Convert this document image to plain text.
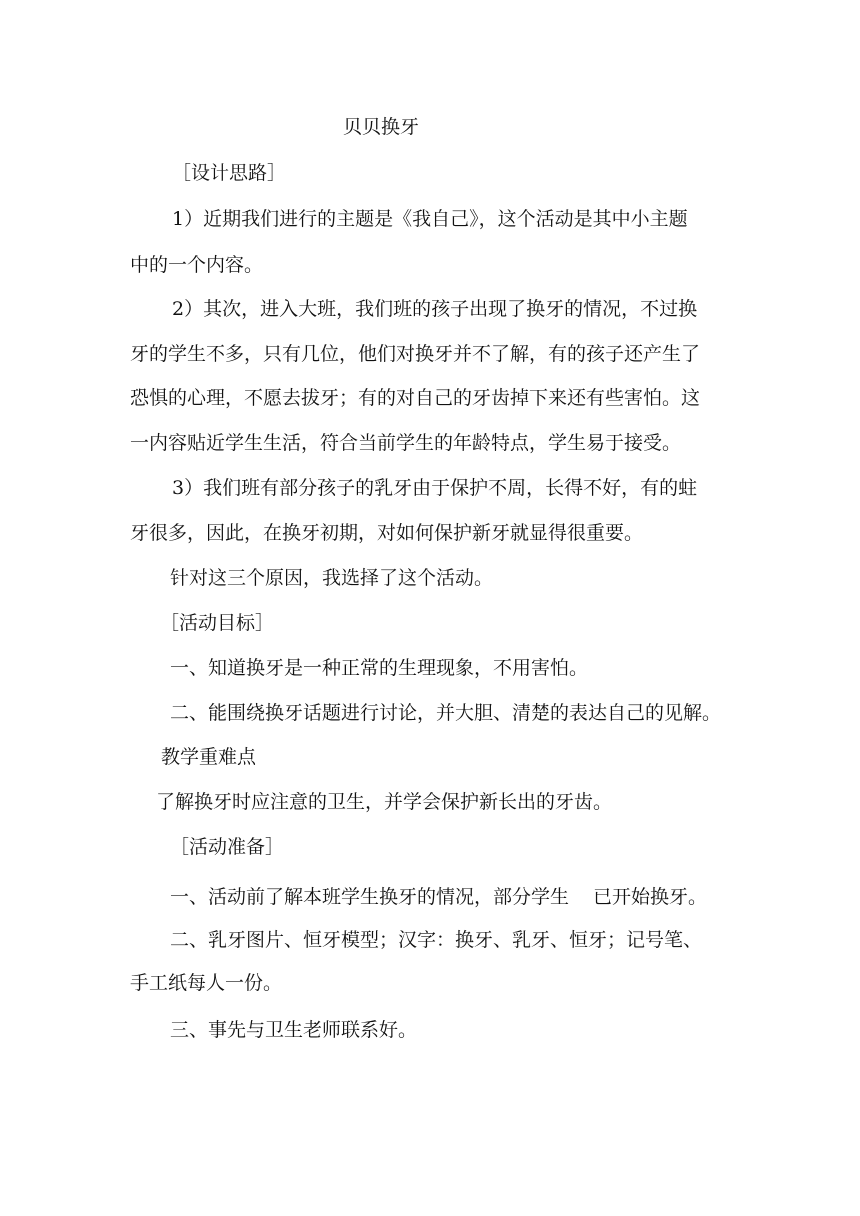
贝贝换牙
［设计思路］
1）近期我们进行的主题是《我自己》，这个活动是其中小主题
中的一个内容。
2）其次，进入大班，我们班的孩子出现了换牙的情况，不过换
牙的学生不多，只有几位，他们对换牙并不了解，有的孩子还产生了
恐惧的心理，不愿去拔牙；有的对自己的牙齿掉下来还有些害怕。这
一内容贴近学生生活，符合当前学生的年龄特点，学生易于接受。
3）我们班有部分孩子的乳牙由于保护不周，长得不好，有的蛀
牙很多，因此，在换牙初期，对如何保护新牙就显得很重要。
针对这三个原因，我选择了这个活动。
［活动目标］
一、知道换牙是一种正常的生理现象，不用害怕。
二、能围绕换牙话题进行讨论，并大胆、清楚的表达自己的见解。
教学重难点
了解换牙时应注意的卫生，并学会保护新长出的牙齿。
［活动准备］
一、活动前了解本班学生换牙的情况，部分学生 已开始换牙。
二、乳牙图片、恒牙模型；汉字：换牙、乳牙、恒牙；记号笔、
手工纸每人一份。
三、事先与卫生老师联系好。
